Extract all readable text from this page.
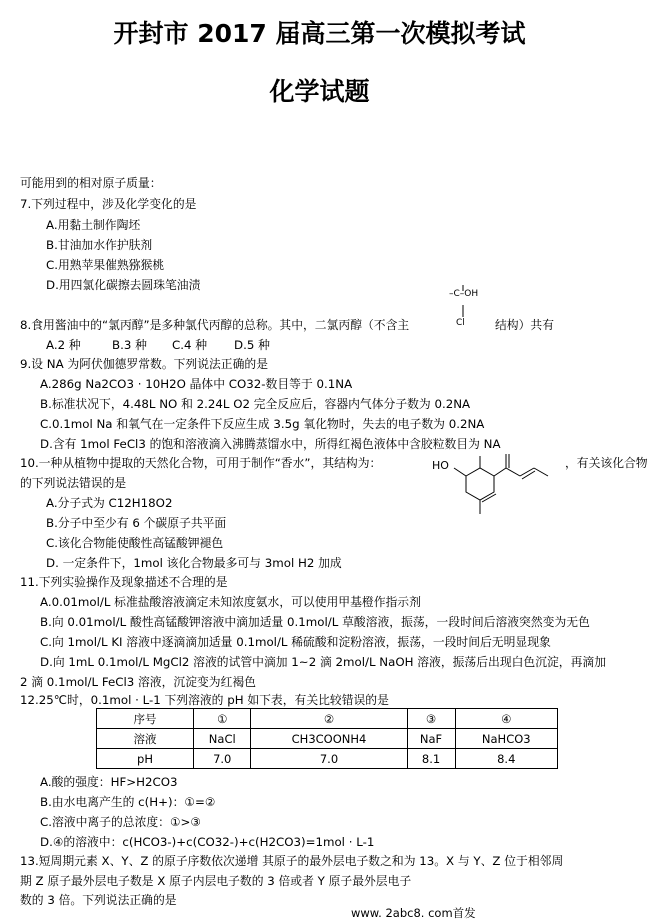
开封市 2017 届高三第一次模拟考试
化学试题
可能用到的相对原子质量：
7.下列过程中，涉及化学变化的是
A.用黏土制作陶坯
B.甘油加水作护肤剂
C.用熟苹果催熟猕猴桃
D.用四氯化碳擦去圆珠笔油渍
–C–OH
Cl
8.食用酱油中的“氯丙醇”是多种氯代丙醇的总称。其中，二氯丙醇（不含主	结构）共有
A.2 种	B.3 种 C.4 种 D.5 种
9.设 NA 为阿伏伽德罗常数。下列说法正确的是
A.286g Na2CO3 · 10H2O 晶体中 CO32-数目等于 0.1NA
B.标准状况下，4.48L NO 和 2.24L O2 完全反应后，容器内气体分子数为 0.2NA
C.0.1mol Na 和氧气在一定条件下反应生成 3.5g 氧化物时，失去的电子数为 0.2NA
D.含有 1mol FeCl3 的饱和溶液滴入沸腾蒸馏水中，所得红褐色液体中含胶粒数目为 NA
10.一种从植物中提取的天然化合物，可用于制作“香水”，其结构为：	，有关该化合物
的下列说法错误的是
HO
A.分子式为 C12H18O2
B.分子中至少有 6 个碳原子共平面
C.该化合物能使酸性高锰酸钾褪色
D. 一定条件下，1mol 该化合物最多可与 3mol H2 加成
11.下列实验操作及现象描述不合理的是
A.0.01mol/L 标准盐酸溶液滴定未知浓度氨水，可以使用甲基橙作指示剂
B.向 0.01mol/L 酸性高锰酸钾溶液中滴加适量 0.1mol/L 草酸溶液，振荡，一段时间后溶液突然变为无色
C.向 1mol/L KI 溶液中逐滴滴加适量 0.1mol/L 稀硫酸和淀粉溶液，振荡，一段时间后无明显现象
D.向 1mL 0.1mol/L MgCl2 溶液的试管中滴加 1~2 滴 2mol/L NaOH 溶液，振荡后出现白色沉淀，再滴加
2 滴 0.1mol/L FeCl3 溶液，沉淀变为红褐色
12.25℃时，0.1mol · L-1 下列溶液的 pH 如下表，有关比较错误的是
序号	①	②	③	④
溶液	NaCl	CH3COONH4	NaF	NaHCO3
pH	7.0	7.0	8.1	8.4
A.酸的强度：HF>H2CO3
B.由水电离产生的 c(H+)：①=②
C.溶液中离子的总浓度：①>③
D.④的溶液中：c(HCO3-)+c(CO32-)+c(H2CO3)=1mol · L-1
13.短周期元素 X、Y、Z 的原子序数依次递增 其原子的最外层电子数之和为 13。X 与 Y、Z 位于相邻周
期 Z 原子最外层电子数是 X 原子内层电子数的 3 倍或者 Y 原子最外层电子
数的 3 倍。下列说法正确的是
www. 2abc8. com首发
